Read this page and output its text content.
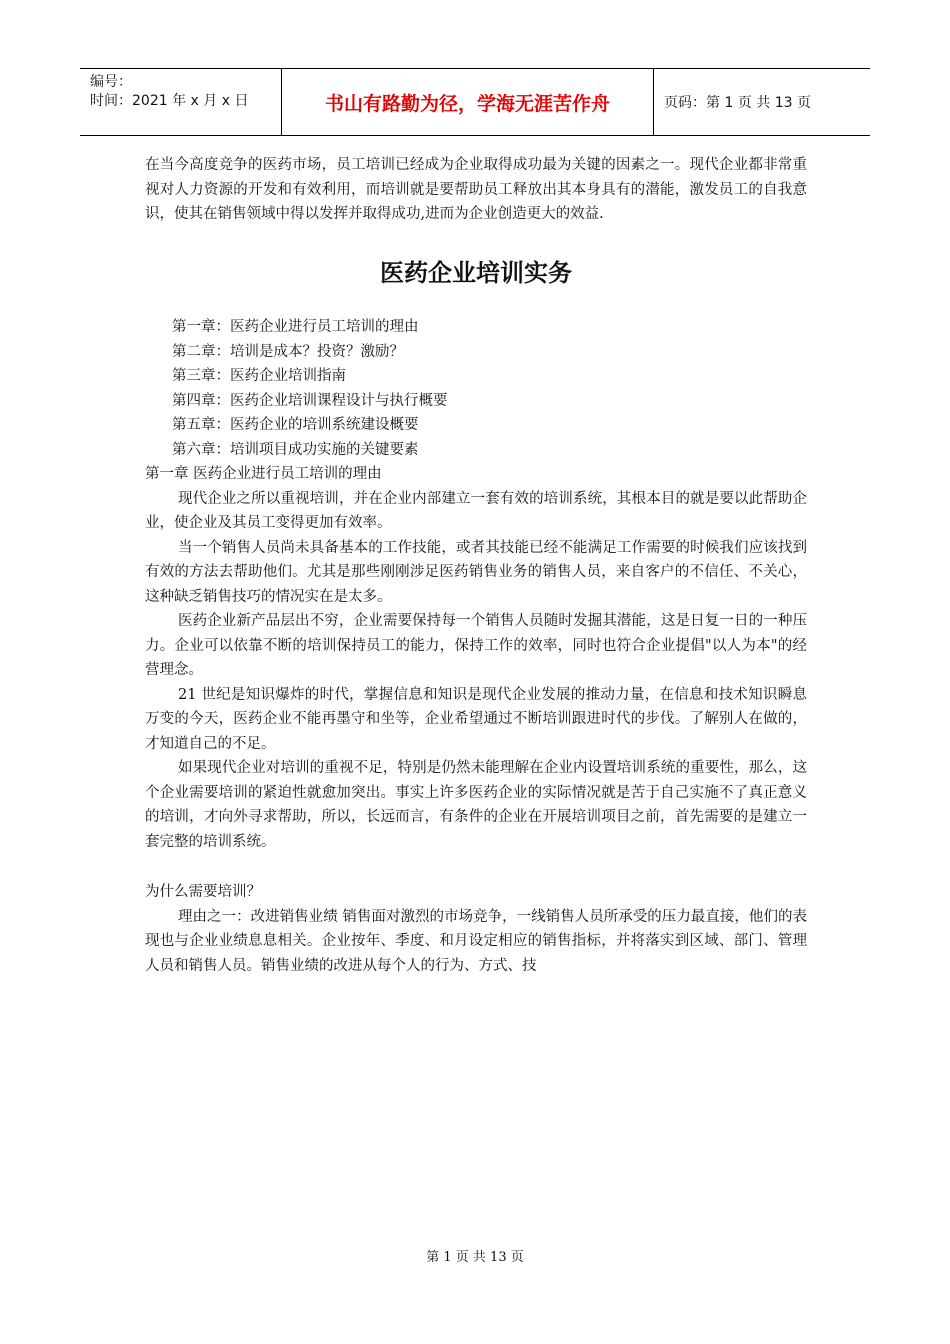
编号：
时间：2021 年 x 月 x 日	书山有路勤为径，学海无涯苦作舟	页码：第 1 页 共 13 页

在当今高度竞争的医药市场，员工培训已经成为企业取得成功最为关键的因素之一。现代企业都非常重视对人力资源的开发和有效利用，而培训就是要帮助员工释放出其本身具有的潜能，激发员工的自我意识，使其在销售领域中得以发挥并取得成功,进而为企业创造更大的效益.

医药企业培训实务

第一章：医药企业进行员工培训的理由

第二章：培训是成本？投资？激励？

第三章：医药企业培训指南

第四章：医药企业培训课程设计与执行概要

第五章：医药企业的培训系统建设概要

第六章：培训项目成功实施的关键要素

第一章 医药企业进行员工培训的理由

现代企业之所以重视培训，并在企业内部建立一套有效的培训系统，其根本目的就是要以此帮助企业，使企业及其员工变得更加有效率。

当一个销售人员尚未具备基本的工作技能，或者其技能已经不能满足工作需要的时候我们应该找到有效的方法去帮助他们。尤其是那些刚刚涉足医药销售业务的销售人员，来自客户的不信任、不关心，这种缺乏销售技巧的情况实在是太多。

医药企业新产品层出不穷，企业需要保持每一个销售人员随时发掘其潜能，这是日复一日的一种压力。企业可以依靠不断的培训保持员工的能力，保持工作的效率，同时也符合企业提倡"以人为本"的经营理念。

21 世纪是知识爆炸的时代，掌握信息和知识是现代企业发展的推动力量，在信息和技术知识瞬息万变的今天，医药企业不能再墨守和坐等，企业希望通过不断培训跟进时代的步伐。了解别人在做的，才知道自己的不足。

如果现代企业对培训的重视不足，特别是仍然未能理解在企业内设置培训系统的重要性，那么，这个企业需要培训的紧迫性就愈加突出。事实上许多医药企业的实际情况就是苦于自己实施不了真正意义的培训，才向外寻求帮助，所以，长远而言，有条件的企业在开展培训项目之前，首先需要的是建立一套完整的培训系统。

为什么需要培训？

理由之一：改进销售业绩 销售面对激烈的市场竞争，一线销售人员所承受的压力最直接，他们的表现也与企业业绩息息相关。企业按年、季度、和月设定相应的销售指标，并将落实到区域、部门、管理人员和销售人员。销售业绩的改进从每个人的行为、方式、技

第 1 页 共 13 页
